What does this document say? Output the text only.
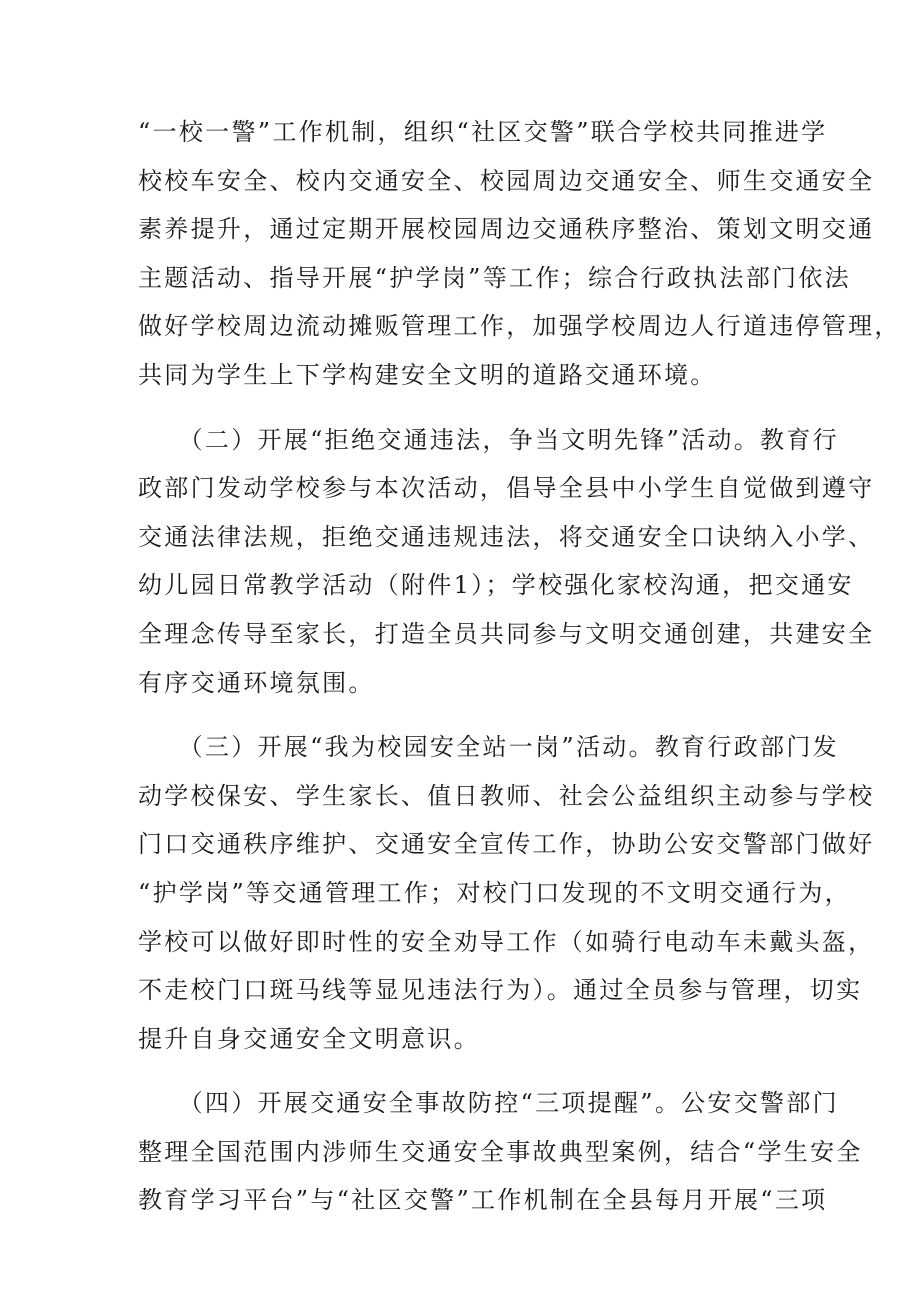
“一校一警”工作机制，组织“社区交警”联合学校共同推进学
校校车安全、校内交通安全、校园周边交通安全、师生交通安全
素养提升，通过定期开展校园周边交通秩序整治、策划文明交通
主题活动、指导开展“护学岗”等工作；综合行政执法部门依法
做好学校周边流动摊贩管理工作，加强学校周边人行道违停管理，
共同为学生上下学构建安全文明的道路交通环境。
　　（二）开展“拒绝交通违法，争当文明先锋”活动。教育行
政部门发动学校参与本次活动，倡导全县中小学生自觉做到遵守
交通法律法规，拒绝交通违规违法，将交通安全口诀纳入小学、
幼儿园日常教学活动（附件1）；学校强化家校沟通，把交通安
全理念传导至家长，打造全员共同参与文明交通创建，共建安全
有序交通环境氛围。
　　（三）开展“我为校园安全站一岗”活动。教育行政部门发
动学校保安、学生家长、值日教师、社会公益组织主动参与学校
门口交通秩序维护、交通安全宣传工作，协助公安交警部门做好
“护学岗”等交通管理工作；对校门口发现的不文明交通行为，
学校可以做好即时性的安全劝导工作（如骑行电动车未戴头盔，
不走校门口斑马线等显见违法行为）。通过全员参与管理，切实
提升自身交通安全文明意识。
　　（四）开展交通安全事故防控“三项提醒”。公安交警部门
整理全国范围内涉师生交通安全事故典型案例，结合“学生安全
教育学习平台”与“社区交警”工作机制在全县每月开展“三项
